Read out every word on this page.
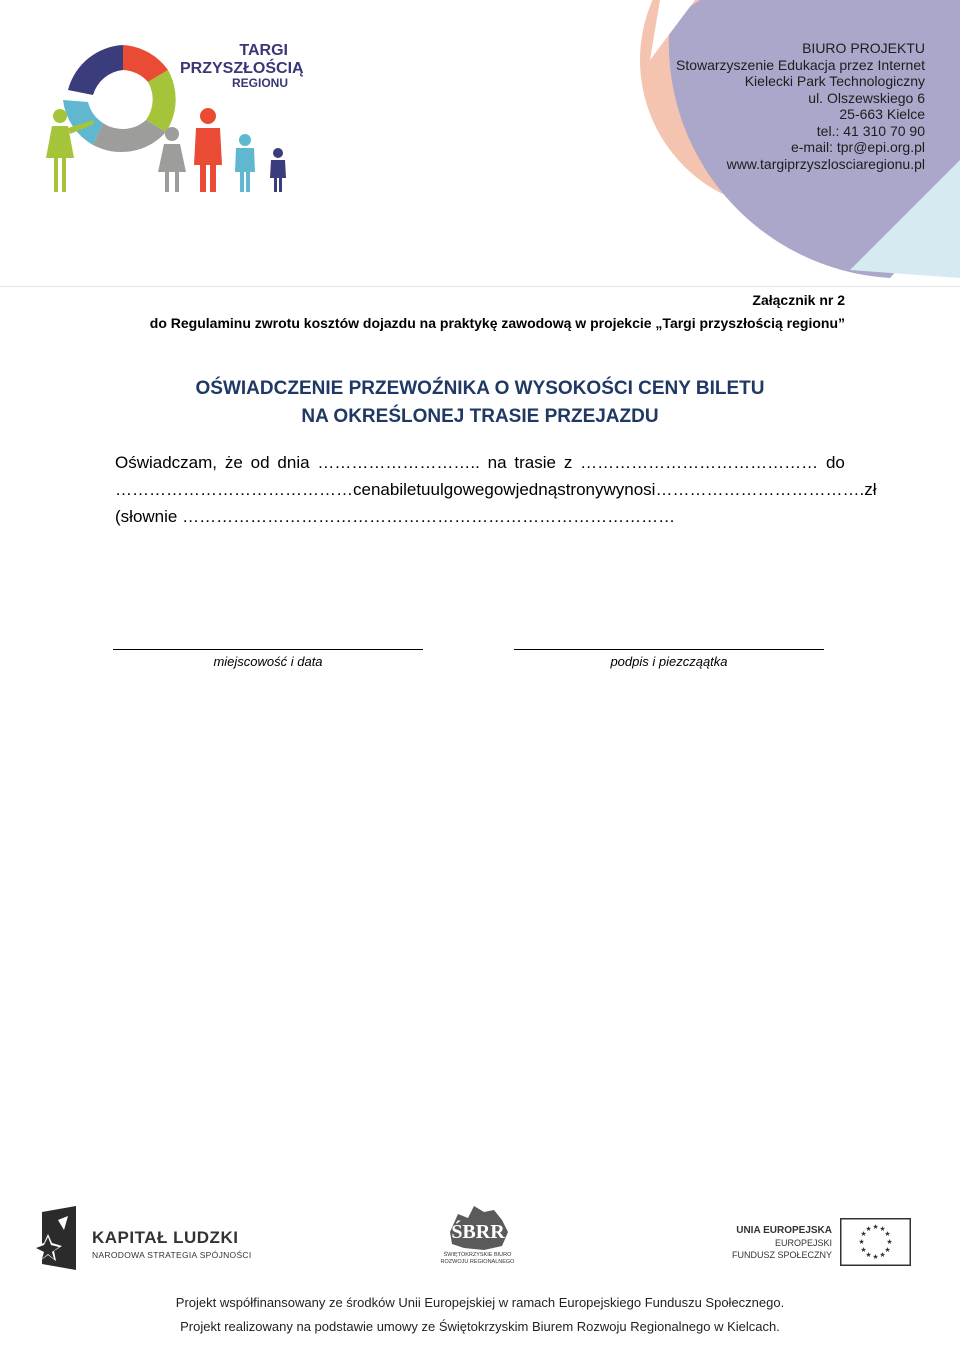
TARGI
PRZYSZŁOŚCIĄ
REGIONU
BIURO PROJEKTU
Stowarzyszenie Edukacja przez Internet
Kielecki Park Technologiczny
ul. Olszewskiego 6
25-663 Kielce
tel.: 41 310 70 90
e-mail: tpr@epi.org.pl
www.targiprzyszlosciaregionu.pl
Załącznik nr 2
do Regulaminu zwrotu kosztów dojazdu na praktykę zawodową w projekcie „Targi przyszłością regionu”
OŚWIADCZENIE PRZEWOŹNIKA O WYSOKOŚCI CENY BILETU
NA OKREŚLONEJ TRASIE PRZEJAZDU
Oświadczam, że od dnia ……………………….. na trasie z …………………………………… do
…………………………………… cena biletu ulgowego w jedną strony wynosi ………………………………. zł

(słownie ……………………………………………………………………………

miejscowość i data	podpis i piezcząątka
KAPITAŁ LUDZKI
NARODOWA STRATEGIA SPÓJNOŚCI
ŚBRR
ŚWIĘTOKRZYSKIE BIURO
ROZWOJU REGIONALNEGO
UNIA EUROPEJSKA
EUROPEJSKI
FUNDUSZ SPOŁECZNY
★ ★
★
★
★
★
★
★
★
★
★
★
Projekt współfinansowany ze środków Unii Europejskiej w ramach Europejskiego Funduszu Społecznego.
Projekt realizowany na podstawie umowy ze Świętokrzyskim Biurem Rozwoju Regionalnego w Kielcach.
